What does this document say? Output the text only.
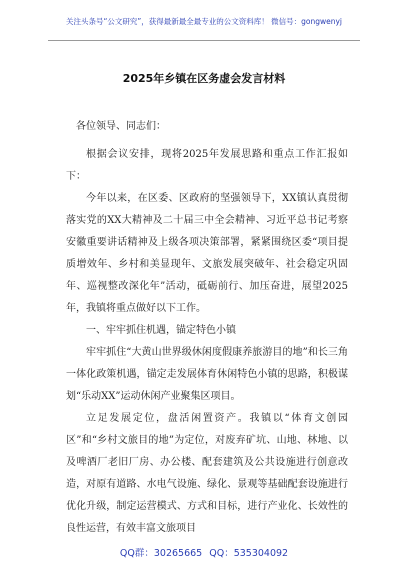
关注头条号“公文研究”，获得最新最全最专业的公文资料库！ 微信号：gongwenyj
2025年乡镇在区务虚会发言材料

各位领导、同志们：

根据会议安排，现将2025年发展思路和重点工作汇报如下：

今年以来，在区委、区政府的坚强领导下，XX镇认真贯彻落实党的XX大精神及二十届三中全会精神、习近平总书记考察安徽重要讲话精神及上级各项决策部署，紧紧围绕区委“项目提质增效年、乡村和美显现年、文旅发展突破年、社会稳定巩固年、巡视整改深化年”活动，砥砺前行、加压奋进，展望2025年，我镇将重点做好以下工作。

一、牢牢抓住机遇，锚定特色小镇

牢牢抓住“大黄山世界级休闲度假康养旅游目的地”和长三角一体化政策机遇，锚定走发展体育休闲特色小镇的思路，积极谋划“乐动XX”运动休闲产业聚集区项目。

立足发展定位，盘活闲置资产。我镇以“体育文创园区”和“乡村文旅目的地”为定位，对废弃矿坑、山地、林地、以及啤酒厂老旧厂房、办公楼、配套建筑及公共设施进行创意改造，对原有道路、水电气设施、绿化、景观等基础配套设施进行优化升级，制定运营模式、方式和目标，进行产业化、长效性的良性运营，有效丰富文旅项目

QQ群：30265665 QQ：535304092
